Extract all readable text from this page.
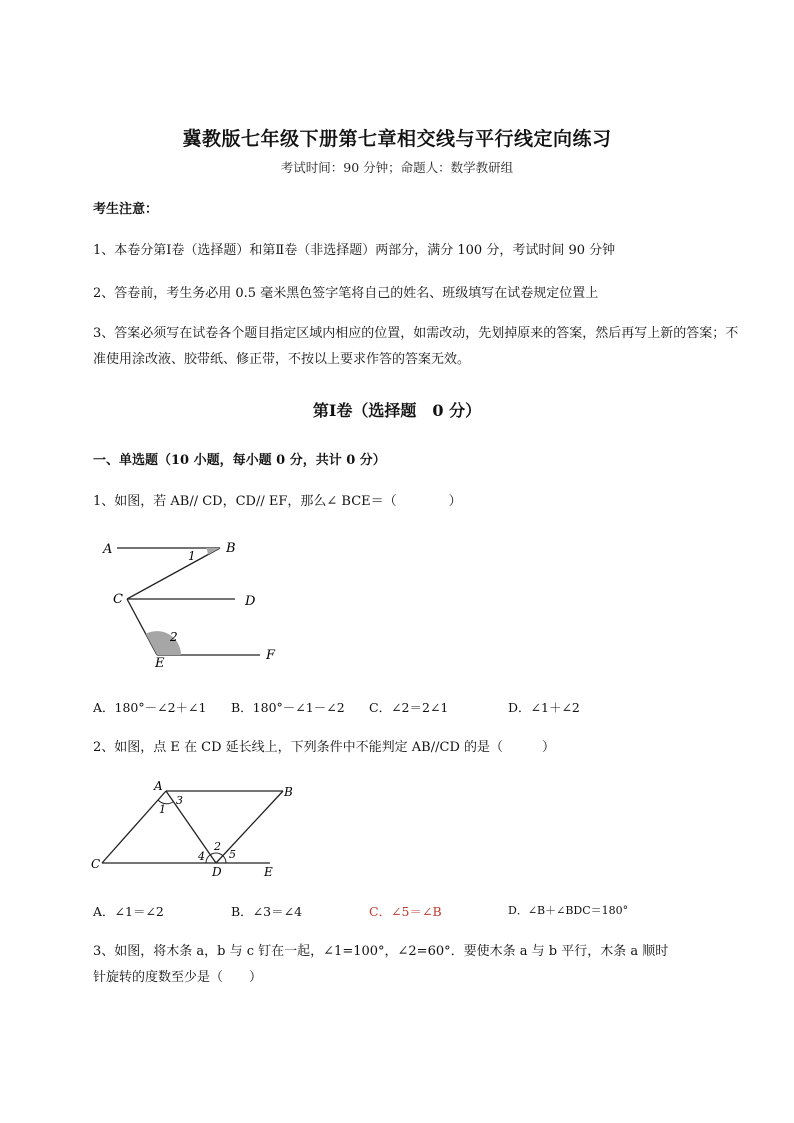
冀教版七年级下册第七章相交线与平行线定向练习
考试时间：90 分钟；命题人：数学教研组
考生注意：
1、本卷分第Ⅰ卷（选择题）和第Ⅱ卷（非选择题）两部分，满分 100 分，考试时间 90 分钟
2、答卷前，考生务必用 0.5 毫米黑色签字笔将自己的姓名、班级填写在试卷规定位置上
3、答案必须写在试卷各个题目指定区域内相应的位置，如需改动，先划掉原来的答案，然后再写上新的答案；不准使用涂改液、胶带纸、修正带，不按以上要求作答的答案无效。
第Ⅰ卷（选择题　0 分）
一、单选题（10 小题，每小题 0 分，共计 0 分）
1、如图，若 AB// CD，CD// EF，那么∠ BCE＝（　　　　）
A	B
C	D
E
F
1
2
A．180°－∠2＋∠1 B．180°－∠1－∠2 C．∠2＝2∠1	D．∠1＋∠2
2、如图，点 E 在 CD 延长线上，下列条件中不能判定 AB//CD 的是（　　　）
A	B
C
D	E
1
2
3
4 5
A．∠1＝∠2	B．∠3＝∠4	C．∠5＝∠B	D．∠B＋∠BDC＝180°
3、如图，将木条 a，b 与 c 钉在一起，∠1=100°，∠2=60°．要使木条 a 与 b 平行，木条 a 顺时
针旋转的度数至少是（　　）
